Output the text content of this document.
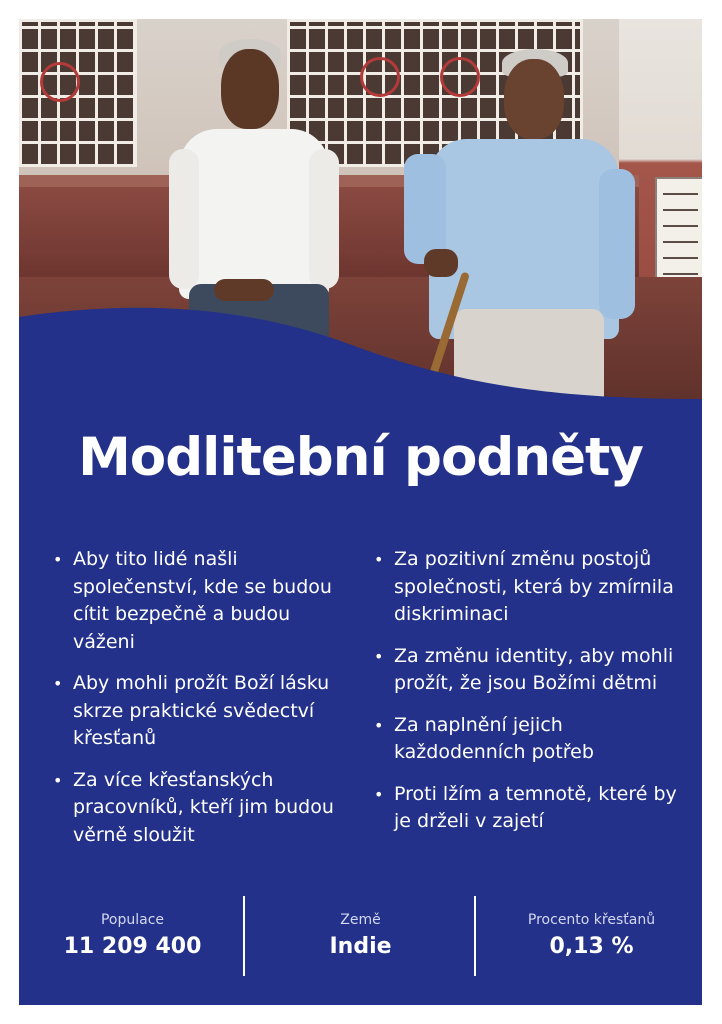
Modlitební podněty
• Aby tito lidé našli společenství, kde se budou cítit bezpečně a budou váženi
• Aby mohli prožít Boží lásku skrze praktické svědectví křesťanů
• Za více křesťanských pracovníků, kteří jim budou věrně sloužit
• Za pozitivní změnu postojů společnosti, která by zmírnila diskriminaci
• Za změnu identity, aby mohli prožít, že jsou Božími dětmi
• Za naplnění jejich každodenních potřeb
• Proti lžím a temnotě, které by je drželi v zajetí
Populace
11 209 400
Země
Indie
Procento křesťanů
0,13 %
